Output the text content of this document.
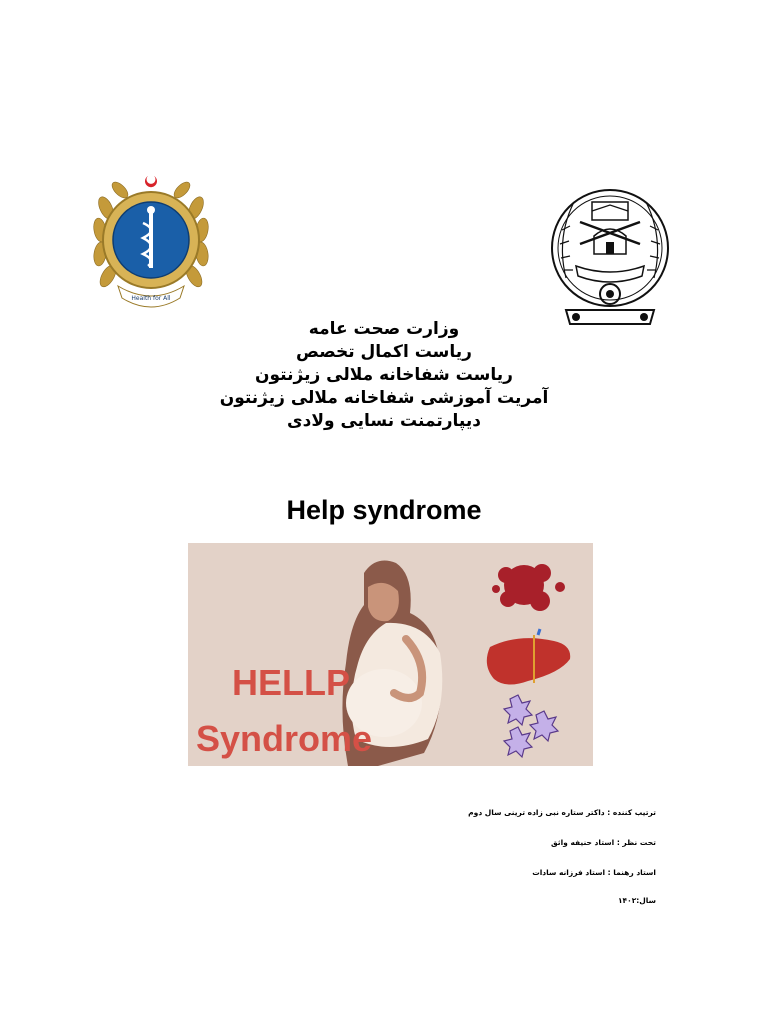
Health for All
وزارت صحت عامه
ریاست اکمال تخصص
ریاست شفاخانه ملالی زیژنتون
آمریت آموزشی شفاخانه ملالی زیژنتون
دیپارتمنت نسایی ولادی
Help syndrome
HELLP
Syndrome
ترتیب کننده : داکتر ستاره نبی زاده ترینی سال دوم
تحت نظر : استاد حنیفه واثق
استاد رهنما : استاد فرزانه سادات
سال:۱۴۰۲
